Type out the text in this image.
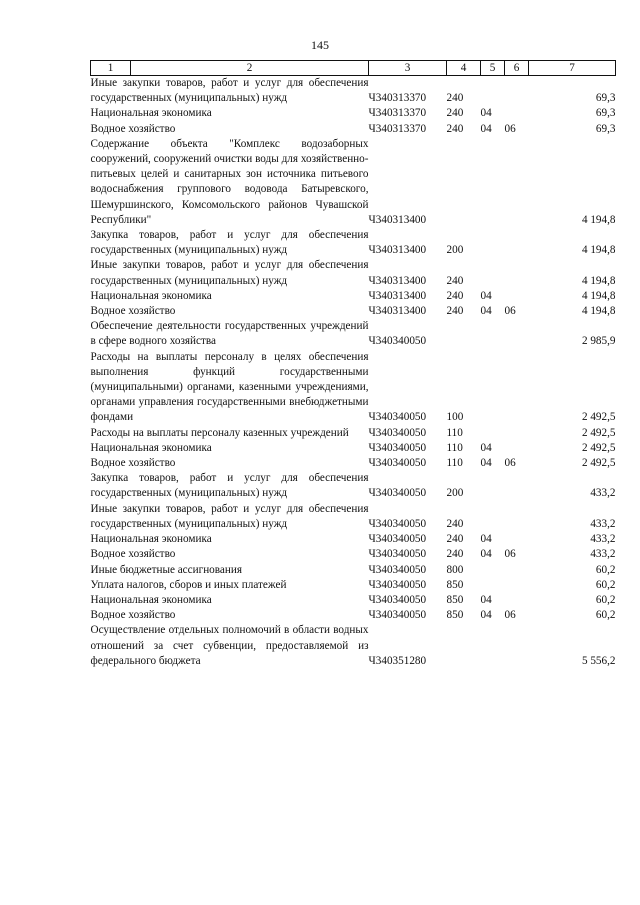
145
1	2	3	4	5	6	7
Иные закупки товаров, работ и услуг для обеспечения государственных (муниципальных) нужд		Ч340313370	240			69,3
Национальная экономика		Ч340313370	240	04		69,3
Водное хозяйство		Ч340313370	240	04	06	69,3
Содержание объекта "Комплекс водозаборных сооружений, сооружений очистки воды для хозяйственно-питьевых целей и санитарных зон источника питьевого водоснабжения группового водовода Батыревского, Шемуршинского, Комсомольского районов Чувашской Республики"		Ч340313400				4 194,8
Закупка товаров, работ и услуг для обеспечения государственных (муниципальных) нужд		Ч340313400	200			4 194,8
Иные закупки товаров, работ и услуг для обеспечения государственных (муниципальных) нужд		Ч340313400	240			4 194,8
Национальная экономика		Ч340313400	240	04		4 194,8
Водное хозяйство		Ч340313400	240	04	06	4 194,8
Обеспечение деятельности государственных учреждений в сфере водного хозяйства		Ч340340050				2 985,9
Расходы на выплаты персоналу в целях обеспечения выполнения функций государственными (муниципальными) органами, казенными учреждениями, органами управления государственными внебюджетными фондами		Ч340340050	100			2 492,5
Расходы на выплаты персоналу казенных учреждений		Ч340340050	110			2 492,5
Национальная экономика		Ч340340050	110	04		2 492,5
Водное хозяйство		Ч340340050	110	04	06	2 492,5
Закупка товаров, работ и услуг для обеспечения государственных (муниципальных) нужд		Ч340340050	200			433,2
Иные закупки товаров, работ и услуг для обеспечения государственных (муниципальных) нужд		Ч340340050	240			433,2
Национальная экономика		Ч340340050	240	04		433,2
Водное хозяйство		Ч340340050	240	04	06	433,2
Иные бюджетные ассигнования		Ч340340050	800			60,2
Уплата налогов, сборов и иных платежей		Ч340340050	850			60,2
Национальная экономика		Ч340340050	850	04		60,2
Водное хозяйство		Ч340340050	850	04	06	60,2
Осуществление отдельных полномочий в области водных отношений за счет субвенции, предоставляемой из федерального бюджета		Ч340351280				5 556,2
